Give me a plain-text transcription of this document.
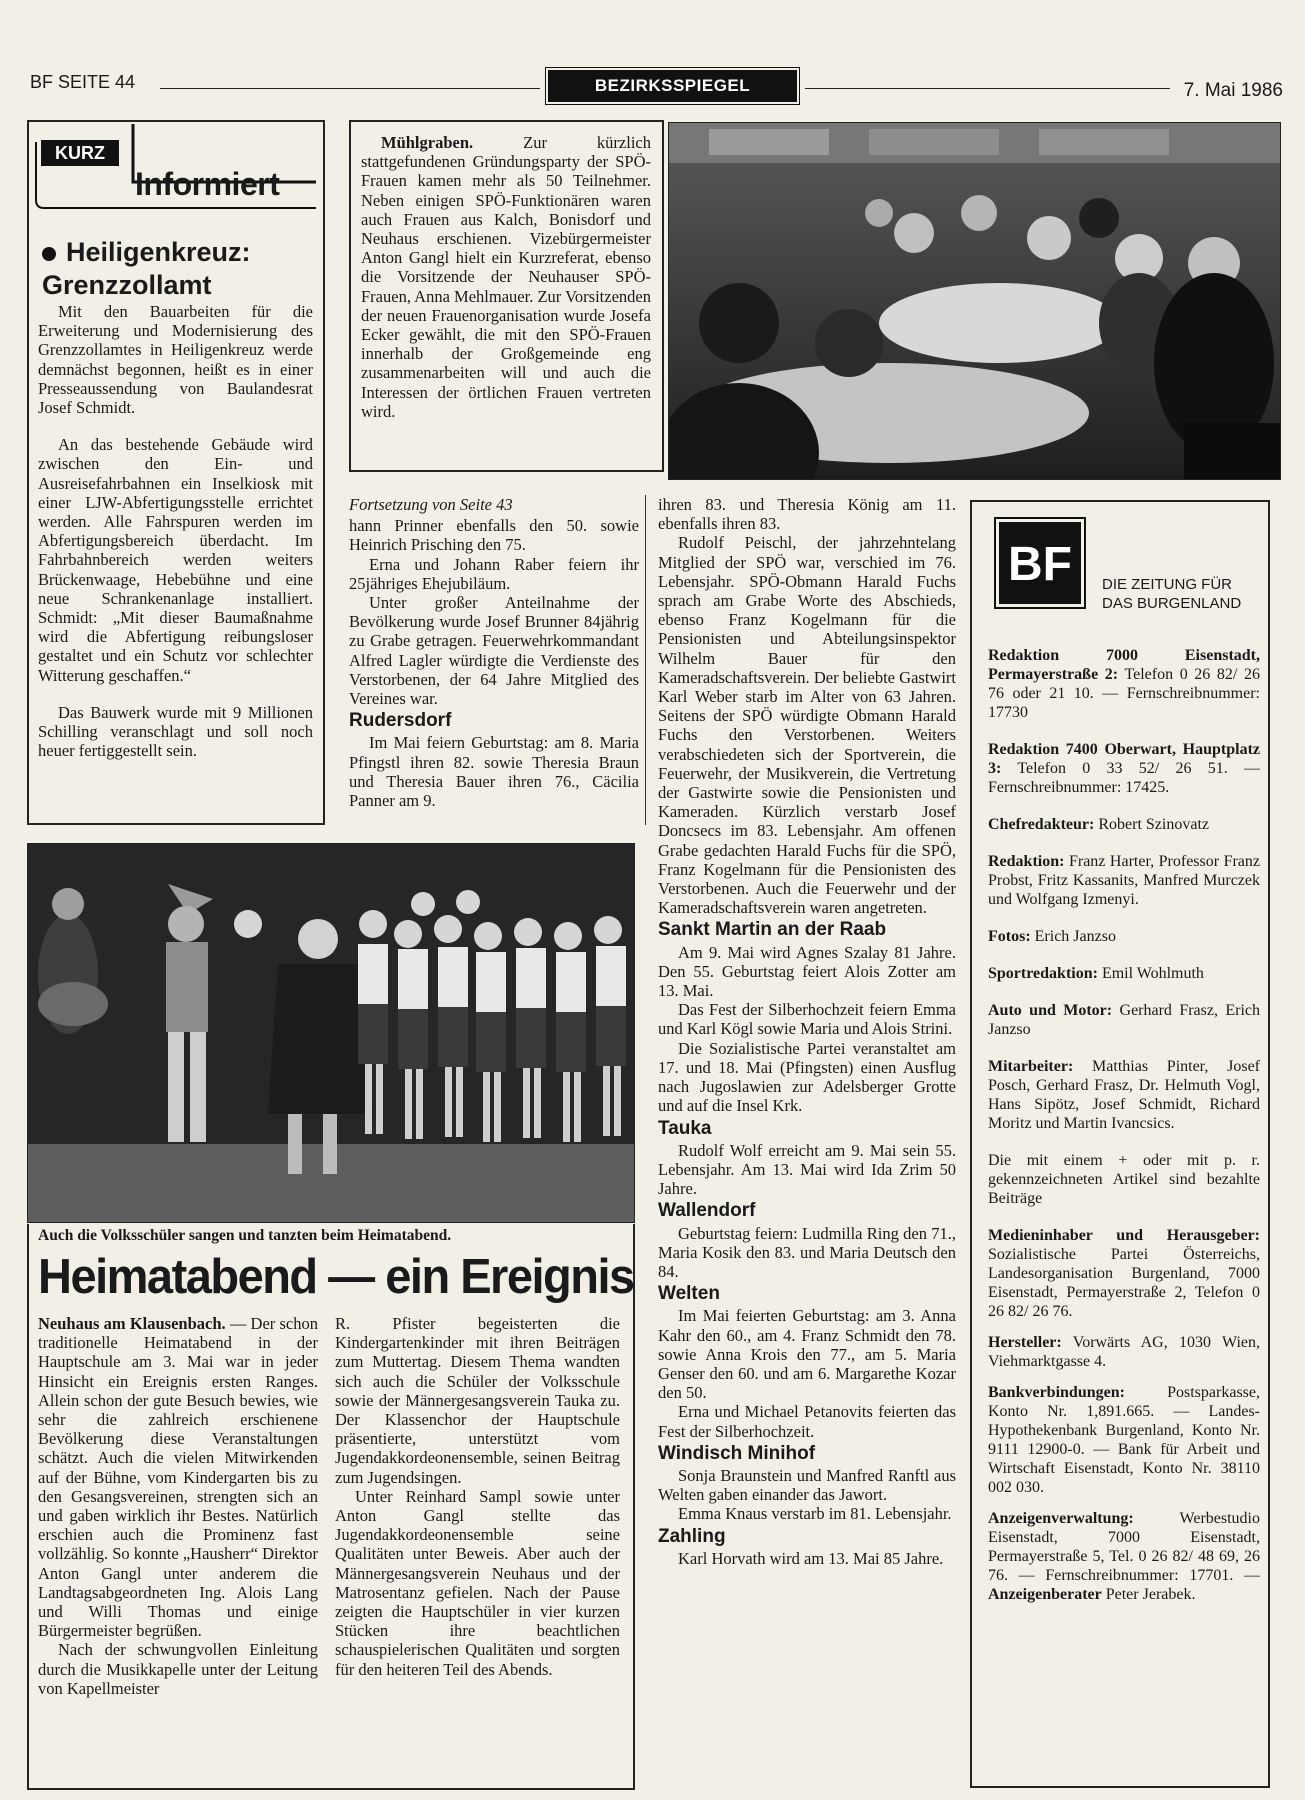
BF SEITE 44	BEZIRKSSPIEGEL	7. Mai 1986
KURZ
Informiert
Heiligenkreuz: Grenzzollamt

Mit den Bauarbeiten für die Erweiterung und Modernisierung des Grenzzollamtes in Heiligenkreuz werde demnächst begonnen, heißt es in einer Presseaussendung von Baulandesrat Josef Schmidt.

An das bestehende Gebäude wird zwischen den Ein- und Ausreisefahrbahnen ein Inselkiosk mit einer LJW-Abfertigungsstelle errichtet werden. Alle Fahrspuren werden im Abfertigungsbereich überdacht. Im Fahrbahnbereich werden weiters Brückenwaage, Hebebühne und eine neue Schrankenanlage installiert. Schmidt: „Mit dieser Baumaßnahme wird die Abfertigung reibungsloser gestaltet und ein Schutz vor schlechter Witterung geschaffen.“

Das Bauwerk wurde mit 9 Millionen Schilling veranschlagt und soll noch heuer fertiggestellt sein.

Mühlgraben.	Zur kürzlich stattgefundenen Gründungsparty der SPÖ-Frauen kamen mehr als 50 Teilnehmer. Neben einigen SPÖ-Funktionären waren auch Frauen aus Kalch, Bonisdorf und Neuhaus erschienen. Vizebürgermeister Anton Gangl hielt ein Kurzreferat, ebenso die Vorsitzende der Neuhauser SPÖ-Frauen, Anna Mehlmauer. Zur Vorsitzenden der neuen Frauenorganisation wurde Josefa Ecker gewählt, die mit den SPÖ-Frauen innerhalb der Großgemeinde eng zusammenarbeiten will und auch die Interessen der örtlichen Frauen vertreten wird.

Fortsetzung von Seite 43

hann Prinner ebenfalls den 50. sowie Heinrich Prisching den 75.

Erna und Johann Raber feiern ihr 25jähriges Ehejubiläum.

Unter großer Anteilnahme der Bevölkerung wurde Josef Brunner 84jährig zu Grabe getragen. Feuerwehrkommandant Alfred Lagler würdigte die Verdienste des Verstorbenen, der 64 Jahre Mitglied des Vereines war.

Rudersdorf

Im Mai feiern Geburtstag: am 8. Maria Pfingstl ihren 82. sowie Theresia Braun und Theresia Bauer ihren 76., Cäcilia Panner am 9.

ihren 83. und Theresia König am 11. ebenfalls ihren 83.

Rudolf Peischl, der jahrzehntelang Mitglied der SPÖ war, verschied im 76. Lebensjahr. SPÖ-Obmann Harald Fuchs sprach am Grabe Worte des Abschieds, ebenso Franz Kogelmann für die Pensionisten und Abteilungsinspektor Wilhelm Bauer für den Kameradschaftsverein. Der beliebte Gastwirt Karl Weber starb im Alter von 63 Jahren. Seitens der SPÖ würdigte Obmann Harald Fuchs den Verstorbenen. Weiters verabschiedeten sich der Sportverein, die Feuerwehr, der Musikverein, die Vertretung der Gastwirte sowie die Pensionisten und Kameraden. Kürzlich verstarb Josef Doncsecs im 83. Lebensjahr. Am offenen Grabe gedachten Harald Fuchs für die SPÖ, Franz Kogelmann für die Pensionisten des Verstorbenen. Auch die Feuerwehr und der Kameradschaftsverein waren angetreten.

Sankt Martin an der Raab

Am 9. Mai wird Agnes Szalay 81 Jahre. Den 55. Geburtstag feiert Alois Zotter am 13. Mai.

Das Fest der Silberhochzeit feiern Emma und Karl Kögl sowie Maria und Alois Strini.

Die Sozialistische Partei veranstaltet am 17. und 18. Mai (Pfingsten) einen Ausflug nach Jugoslawien zur Adelsberger Grotte und auf die Insel Krk.

Tauka

Rudolf Wolf erreicht am 9. Mai sein 55. Lebensjahr. Am 13. Mai wird Ida Zrim 50 Jahre.

Wallendorf

Geburtstag feiern: Ludmilla Ring den 71., Maria Kosik den 83. und Maria Deutsch den 84.

Welten

Im Mai feierten Geburtstag: am 3. Anna Kahr den 60., am 4. Franz Schmidt den 78. sowie Anna Krois den 77., am 5. Maria Genser den 60. und am 6. Margarethe Kozar den 50.

Erna und Michael Petanovits feierten das Fest der Silberhochzeit.

Windisch Minihof

Sonja Braunstein und Manfred Ranftl aus Welten gaben einander das Jawort.

Emma Knaus verstarb im 81. Lebensjahr.

Zahling

Karl Horvath wird am 13. Mai 85 Jahre.

BF	DIE ZEITUNG FÜR
DAS BURGENLAND

Redaktion 7000 Eisenstadt, Permayerstraße 2: Telefon 0 26 82/ 26 76 oder 21 10. — Fernschreibnummer: 17730

Redaktion 7400 Oberwart, Hauptplatz 3: Telefon 0 33 52/ 26 51. — Fernschreibnummer: 17425.

Chefredakteur: Robert Szinovatz

Redaktion: Franz Harter, Professor Franz Probst, Fritz Kassanits, Manfred Murczek und Wolfgang Izmenyi.

Fotos: Erich Janzso

Sportredaktion: Emil Wohlmuth

Auto und Motor: Gerhard Frasz, Erich Janzso

Mitarbeiter: Matthias Pinter, Josef Posch, Gerhard Frasz, Dr. Helmuth Vogl, Hans Sipötz, Josef Schmidt, Richard Moritz und Martin Ivancsics.

Die mit einem + oder mit p. r. gekennzeichneten Artikel sind bezahlte Beiträge

Medieninhaber und Herausgeber: Sozialistische Partei Österreichs, Landesorganisation Burgenland, 7000 Eisenstadt, Permayerstraße 2, Telefon 0 26 82/ 26 76.

Hersteller: Vorwärts AG, 1030 Wien, Viehmarktgasse 4.

Bankverbindungen:	Postsparkasse, Konto Nr. 1,891.665. — Landes-Hypothekenbank Burgenland, Konto Nr. 9111 12900-0. — Bank für Arbeit und Wirtschaft Eisenstadt, Konto Nr. 38110 002 030.

Anzeigenverwaltung:	Werbestudio Eisenstadt, 7000 Eisenstadt, Permayerstraße 5, Tel. 0 26 82/ 48 69, 26 76. — Fernschreibnummer: 17701. — Anzeigenberater Peter Jerabek.

Auch die Volksschüler sangen und tanzten beim Heimatabend.
Heimatabend — ein Ereignis

Neuhaus am Klausenbach. — Der schon traditionelle Heimatabend in der Hauptschule am 3. Mai war in jeder Hinsicht ein Ereignis ersten Ranges. Allein schon der gute Besuch bewies, wie sehr die zahlreich erschienene Bevölkerung diese Veranstaltungen schätzt. Auch die vielen Mitwirkenden auf der Bühne, vom Kindergarten bis zu den Gesangsvereinen, strengten sich an und gaben wirklich ihr Bestes. Natürlich erschien auch die Prominenz fast vollzählig. So konnte „Hausherr“ Direktor Anton Gangl unter anderem die Landtagsabgeordneten Ing. Alois Lang und Willi Thomas und einige Bürgermeister begrüßen.

Nach der schwungvollen Einleitung durch die Musikkapelle unter der Leitung von Kapellmeister

R. Pfister begeisterten die Kindergartenkinder mit ihren Beiträgen zum Muttertag. Diesem Thema wandten sich auch die Schüler der Volksschule sowie der Männergesangsverein Tauka zu. Der Klassenchor der Hauptschule präsentierte, unterstützt vom Jugendakkordeonensemble, seinen Beitrag zum Jugendsingen.

Unter Reinhard Sampl sowie unter Anton Gangl stellte das Jugendakkordeonensemble seine Qualitäten unter Beweis. Aber auch der Männergesangsverein Neuhaus und der Matrosentanz gefielen. Nach der Pause zeigten die Hauptschüler in vier kurzen Stücken ihre beachtlichen schauspielerischen Qualitäten und sorgten für den heiteren Teil des Abends.
